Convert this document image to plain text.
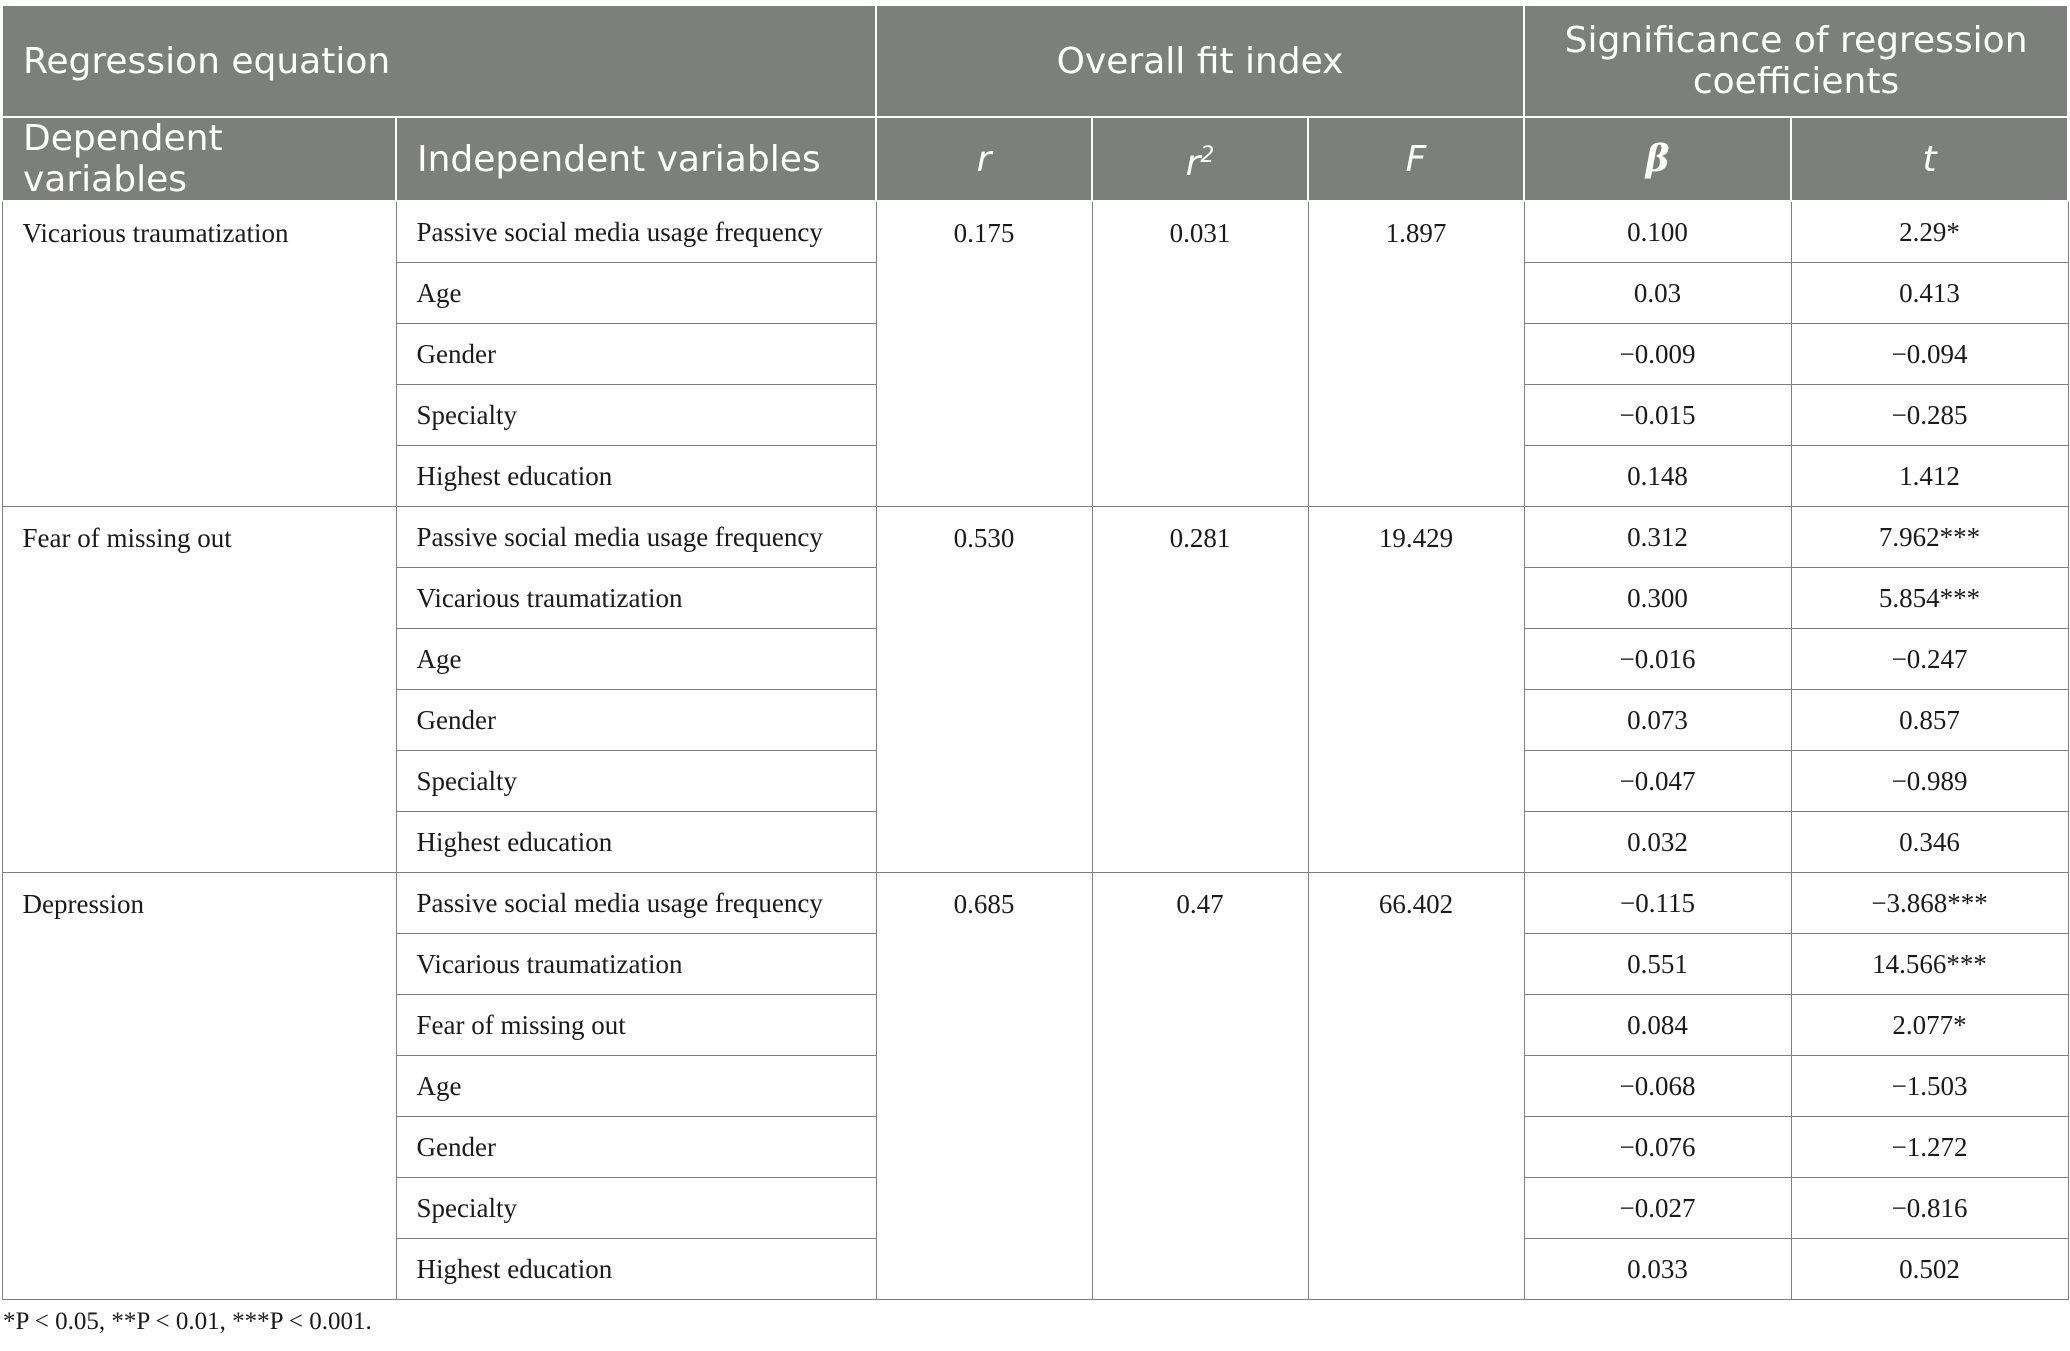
Regression equation		Overall fit index			Significance of regression coefficients	
Dependent variables	Independent variables	r	$r^2$	F	β	t
Vicarious traumatization	Passive social media usage frequency	0.175	0.031	1.897	0.100	2.29*
	Age				0.03	0.413
	Gender				−0.009	−0.094
	Specialty				−0.015	−0.285
	Highest education				0.148	1.412
Fear of missing out	Passive social media usage frequency	0.530	0.281	19.429	0.312	7.962***
	Vicarious traumatization				0.300	5.854***
	Age				−0.016	−0.247
	Gender				0.073	0.857
	Specialty				−0.047	−0.989
	Highest education				0.032	0.346
Depression	Passive social media usage frequency	0.685	0.47	66.402	−0.115	−3.868***
	Vicarious traumatization				0.551	14.566***
	Fear of missing out				0.084	2.077*
	Age				−0.068	−1.503
	Gender				−0.076	−1.272
	Specialty				−0.027	−0.816
	Highest education				0.033	0.502
*P < 0.05, **P < 0.01, ***P < 0.001.
